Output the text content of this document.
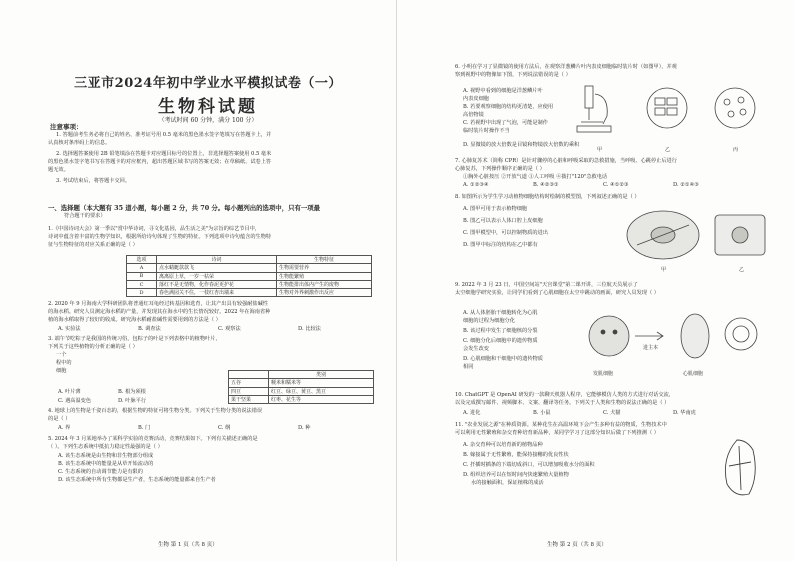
三亚市2024年初中学业水平模拟试卷（一）
生物科试题
（考试时间 60 分钟，满分 100 分）
注意事项：
1. 答题前考生务必将自己的姓名、准考证号用 0.5 毫米的黑色墨水签字笔填写在答题卡上，并
认真核对条形码上的信息。
2. 选择题答案使用 2B 铅笔填涂在答题卡对应题目标号的位置上，非选择题答案使用 0.5 毫米
的黑色墨水签字笔书写在答题卡的对应框内，超出答题区域书写的答案无效；在草稿纸、试卷上答
题无效。
3. 考试结束后，将答题卡交回。
一、选择题（本大题有 35 道小题，每小题 2 分，共 70 分。每小题列出的选项中，只有一项最
符合题干的要求）
1.《中国诗词大会》第一季以"赏中华诗词，寻文化基因，品生活之美"为宗旨的综艺节目中，
诗词中蕴含着丰富的生物学知识，根据所给诗句体现了生物的特征。下列选项中诗句蕴含的生物特
征与生物特征的对应关系正确的是（ ）
选项	诗词	生物特征
A	点水蜻蜓款款飞	生物需要营养
B	离离原上草，一岁一枯荣	生物能繁殖
C	落红不是无情物，化作春泥更护花	生物能排出体内产生的废物
D	春色满园关不住，一枝红杏出墙来	生物对外界刺激作出反应
2. 2020 年 9 月海南大学科研团队将普通红耳龟经过转基因和选育，让其产出具有较强耐盐碱性
的海水稻。研究人员测定海水稻的产量，并发现其在海水中的生长情况较好。2022 年在海南省种
植的海水稻取得了较好的收成。研究海水稻耐盐碱性需要用到的方法是（ ）
A. 实验法	B. 调查法	C. 观察法	D. 比较法
3. 端午节吃粽子是我国的传统习俗，包粽子的叶是下列表格中的植物叶片，
下列关于这些植物的分析正确的是（ ）
一个
程中的
细胞
A. 叶片薄	B. 根为须根
C. 遇高温变色	D. 叶脉平行
	类别
五谷	粳米和糯米等
四豆	红豆、绿豆、黄豆、黑豆
果干坚果	红枣、花生等
4. 地球上的生物是千姿百态的，根据生物的特征可将生物分类。下列关于生物分类的说法错误
的是（ ）
A. 界	B. 门	C. 纲	D. 种
5. 2024 年 3 月某地举办了某科学实验的竞赛活动，竞赛结果如下。下列有关描述正确的是
（ ）。下列生态系统中抵抗力稳定性最强的是（ ）
A. 该生态系统是由生物和非生物部分组成
B. 该生态系统中的能量是从草开始流动的
C. 生态系统的自动调节能力是有限的
D. 该生态系统中所有生物都是生产者，生态系统的能量都来自生产者
生物 第 1 页（共 8 页）
6. 小明在学习了显微镜的使用方法后，在观察洋葱鳞片叶内表皮细胞临时装片时（如图甲），并观
察到视野中的物像如下图，下列说法错误的是（ ）
A. 视野中看到的细胞是洋葱鳞片叶
内表皮细胞
B. 若要观察细胞的结构更清楚，应使用
高倍物镜
C. 若视野中出现了气泡，可能是制作
临时装片时操作不当
D. 显微镜的放大倍数是目镜和物镜放大倍数的乘积
甲	乙	丙
7. 心肺复苏术（简称 CPR）是针对骤停的心脏和呼吸采取的急救措施，当呼吸、心跳停止后进行
心肺复苏，下列操作顺序正确的是（ ）
①胸外心脏按压 ②开放气道 ③人工呼吸 ④拨打"120"急救电话
A. ①②③④	B. ④②③①	C. ④①②③	D. ②①④③
8. 如图所示为学生学习动植物细胞结构时绘制的模型图，下列叙述正确的是（ ）
A. 图甲可用于表示植物细胞
B. 图乙可以表示人体口腔上皮细胞
C. 图甲模型中，可以控制物质的进出
D. 图甲中标注的结构在乙中都有
甲	乙
9. 2022 年 3 月 23 日，中国空间站"天宫课堂"第二课开讲，三位航天员展示了
太空细胞学研究实验，让同学们看到了心肌细胞在太空中跳动的画面，研究人员发现（ ）
A. 从人体胚胎干细胞转化为心肌
细胞的过程为细胞分化
B. 该过程中发生了细胞核的分裂
C. 细胞分化后细胞中的遗传物质
会发生改变
D. 心肌细胞和干细胞中的遗传物质
相同
进主本
发肌细胞	心肌细胞
10. ChatGPT 是 OpenAI 研发的一款聊天机器人程序，它能够模仿人类的方式进行对话交流，
以及完成撰写邮件、视频脚本、文案、翻译等任务。下列关于人类和生物的说法正确的是（ ）
A. 进化	B. 小鼠	C. 犬猫	D. 华南虎
11. "农业发展之源"在种质资源。某种花生在高温环境下会产生多种有益的物质，生物技术中
可以利用无性繁殖和杂交育种培育新品种，某同学学习了这部分知识后做了下列推测（ ）
A. 杂交育种可以培育新的植物品种
B. 嫁接属于无性繁殖，能保持接穗的优良性状
C. 扦插时插条的下端切成斜口，可以增加吸收水分的面积
D. 组织培养可以在短时间内快速繁殖大量植物
水的接触面积，保证植株的成活
生物 第 2 页（共 8 页）
